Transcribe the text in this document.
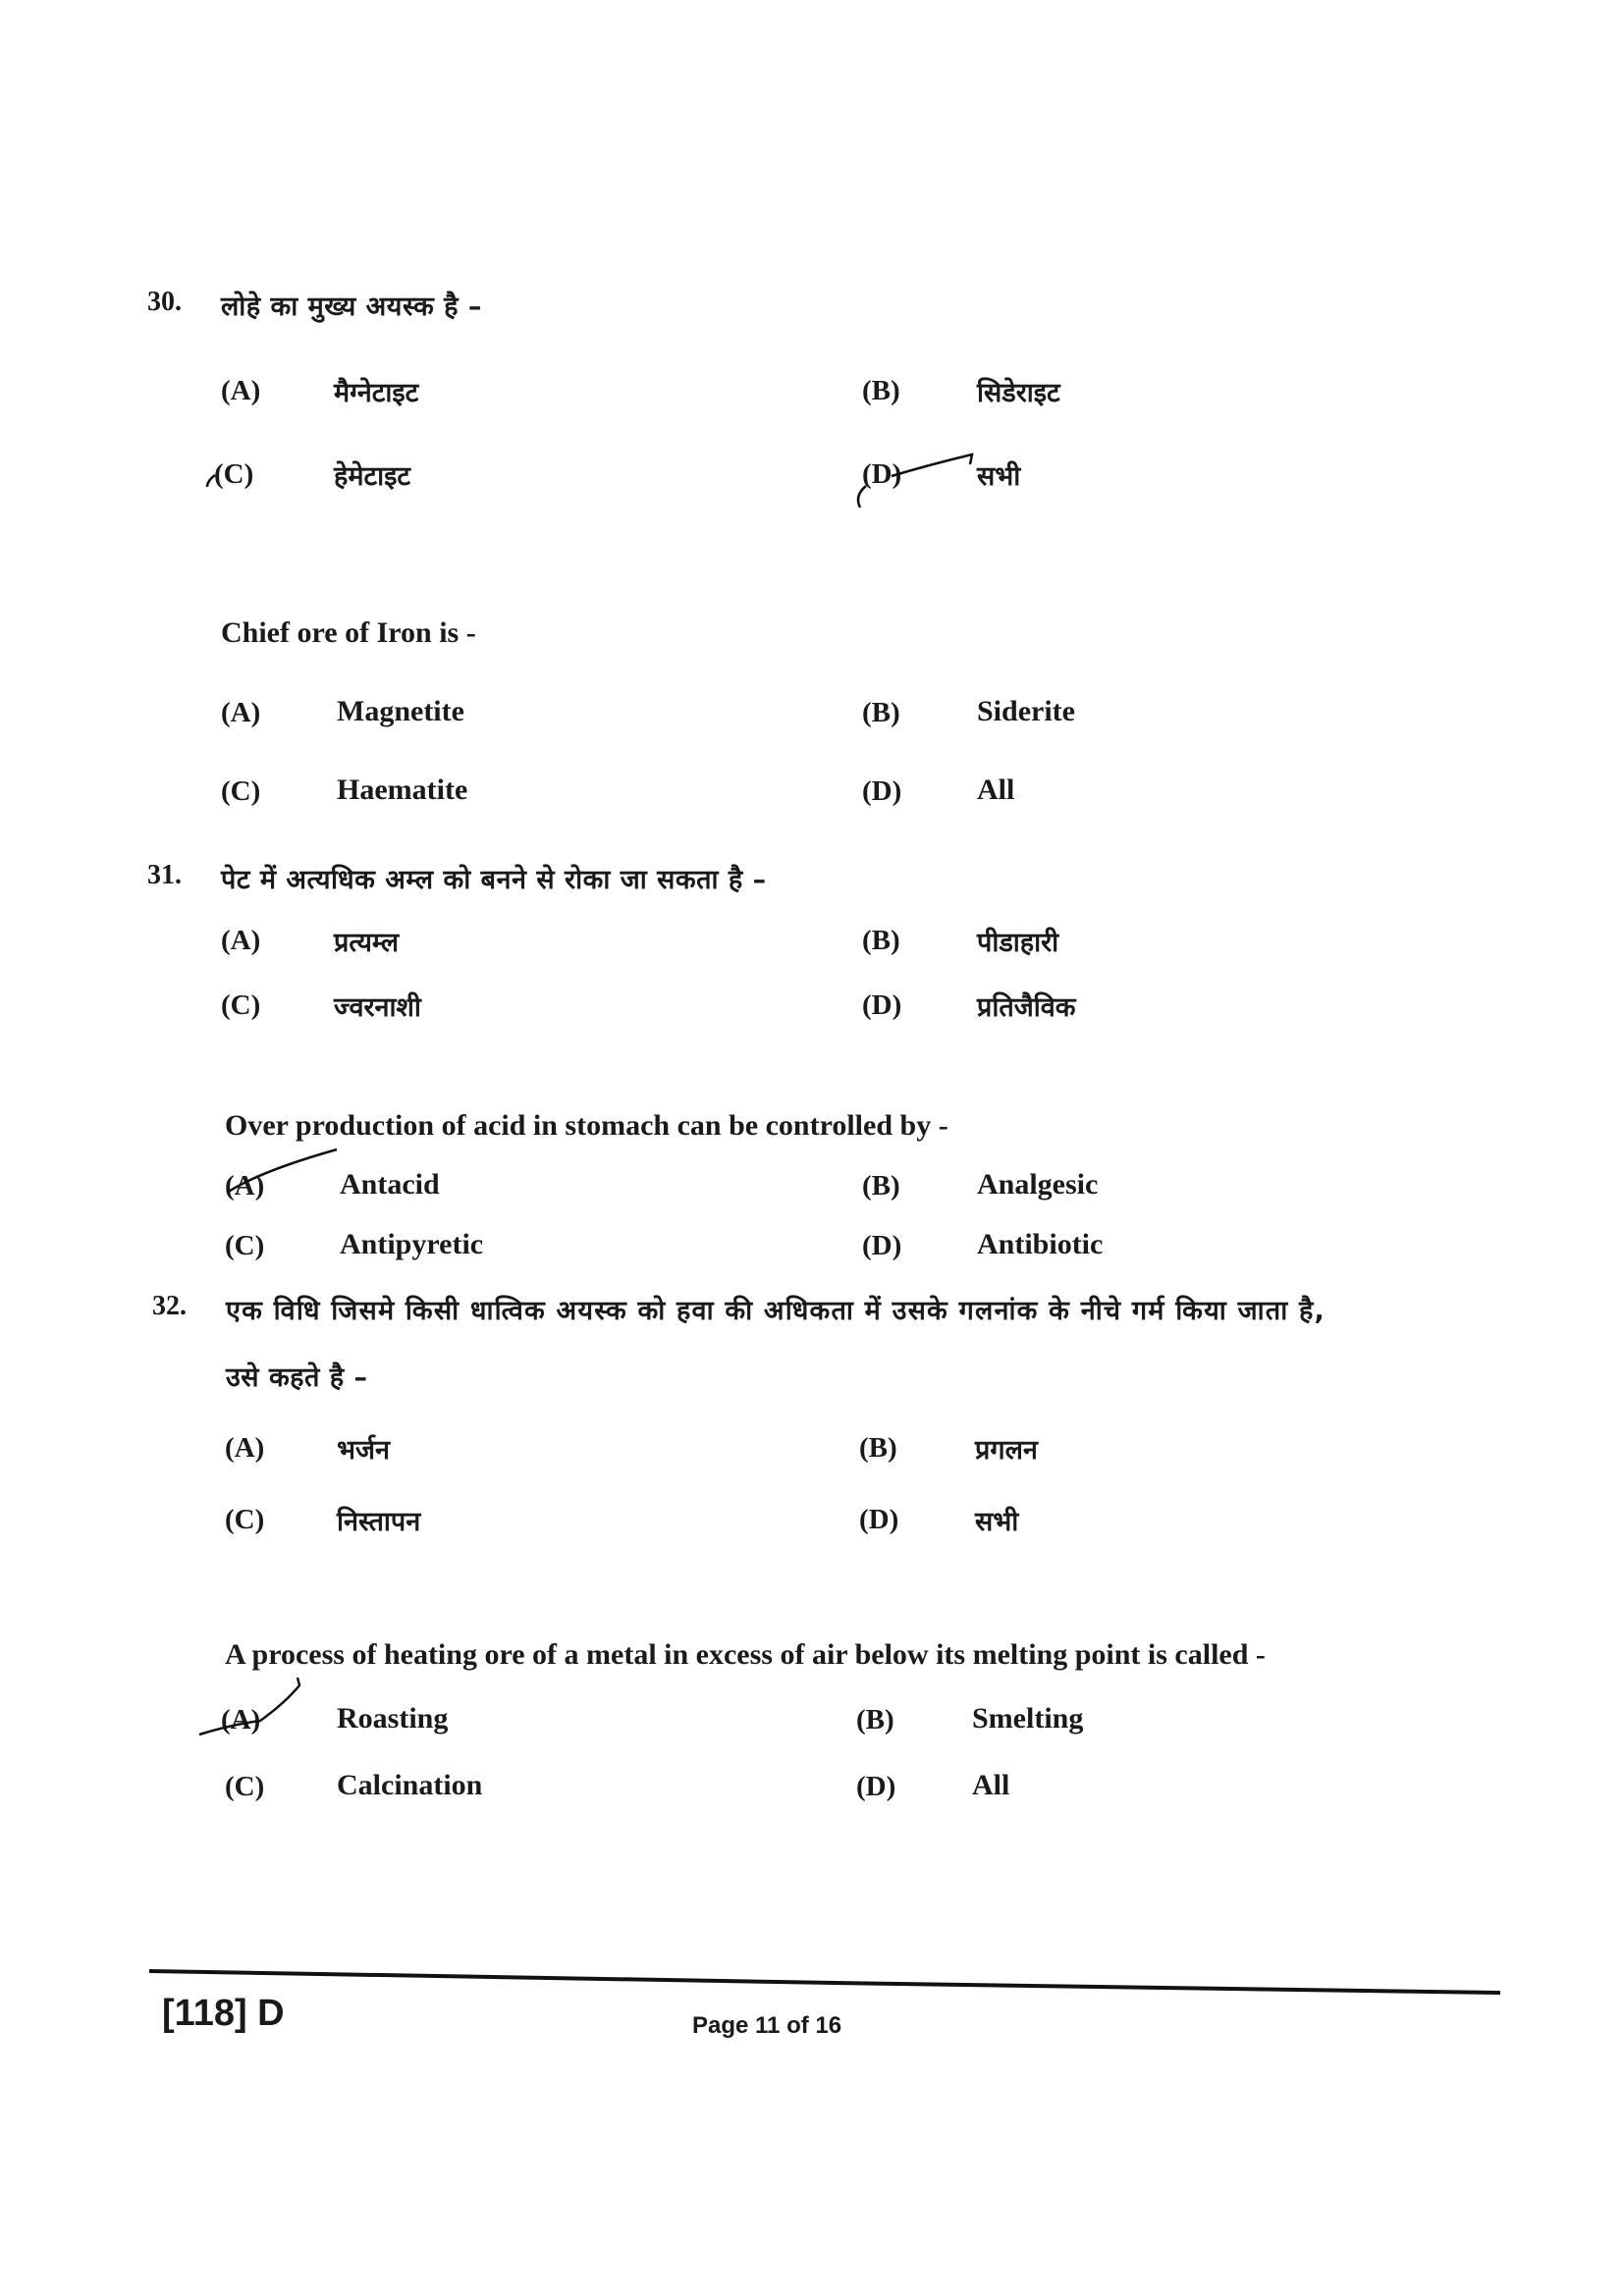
30. लोहे का मुख्य अयस्क है –
(A)	मैग्नेटाइट	(B)	सिडेराइट
(C)	हेमेटाइट	(D)	सभी
Chief ore of Iron is -
(A)	Magnetite	(B)	Siderite
(C)	Haematite	(D)	All
31. पेट में अत्यधिक अम्ल को बनने से रोका जा सकता है –
(A)	प्रत्यम्ल	(B)	पीडाहारी
(C)	ज्वरनाशी	(D)	प्रतिजैविक
Over production of acid in stomach can be controlled by -
(A)	Antacid	(B)	Analgesic
(C)	Antipyretic	(D)	Antibiotic
32. एक विधि जिसमे किसी धात्विक अयस्क को हवा की अधिकता में उसके गलनांक के नीचे गर्म किया जाता है,
उसे कहते है –
(A)	भर्जन	(B)	प्रगलन
(C)	निस्तापन	(D)	सभी
A process of heating ore of a metal in excess of air below its melting point is called -
(A)	Roasting	(B)	Smelting
(C) Calcination	(D)	All
[118] D	Page 11 of 16
